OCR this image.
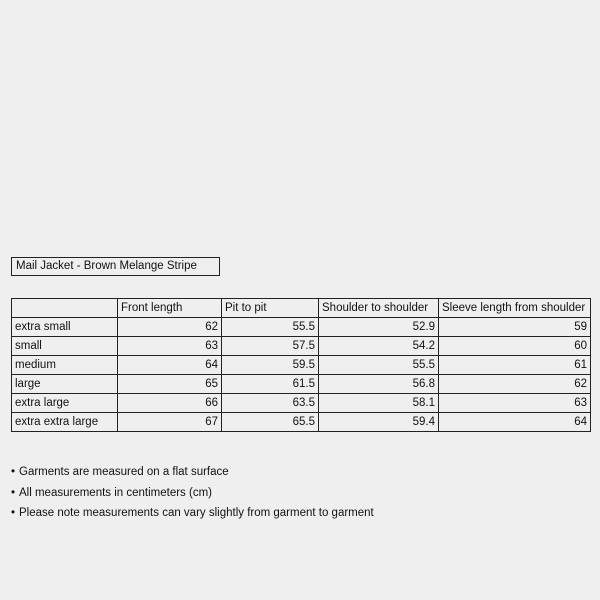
Mail Jacket - Brown Melange Stripe
	Front length	Pit to pit	Shoulder to shoulder	Sleeve length from shoulder
extra small	62	55.5	52.9	59
small	63	57.5	54.2	60
medium	64	59.5	55.5	61
large	65	61.5	56.8	62
extra large	66	63.5	58.1	63
extra extra large	67	65.5	59.4	64
• Garments are measured on a flat surface
• All measurements in centimeters (cm)
• Please note measurements can vary slightly from garment to garment
